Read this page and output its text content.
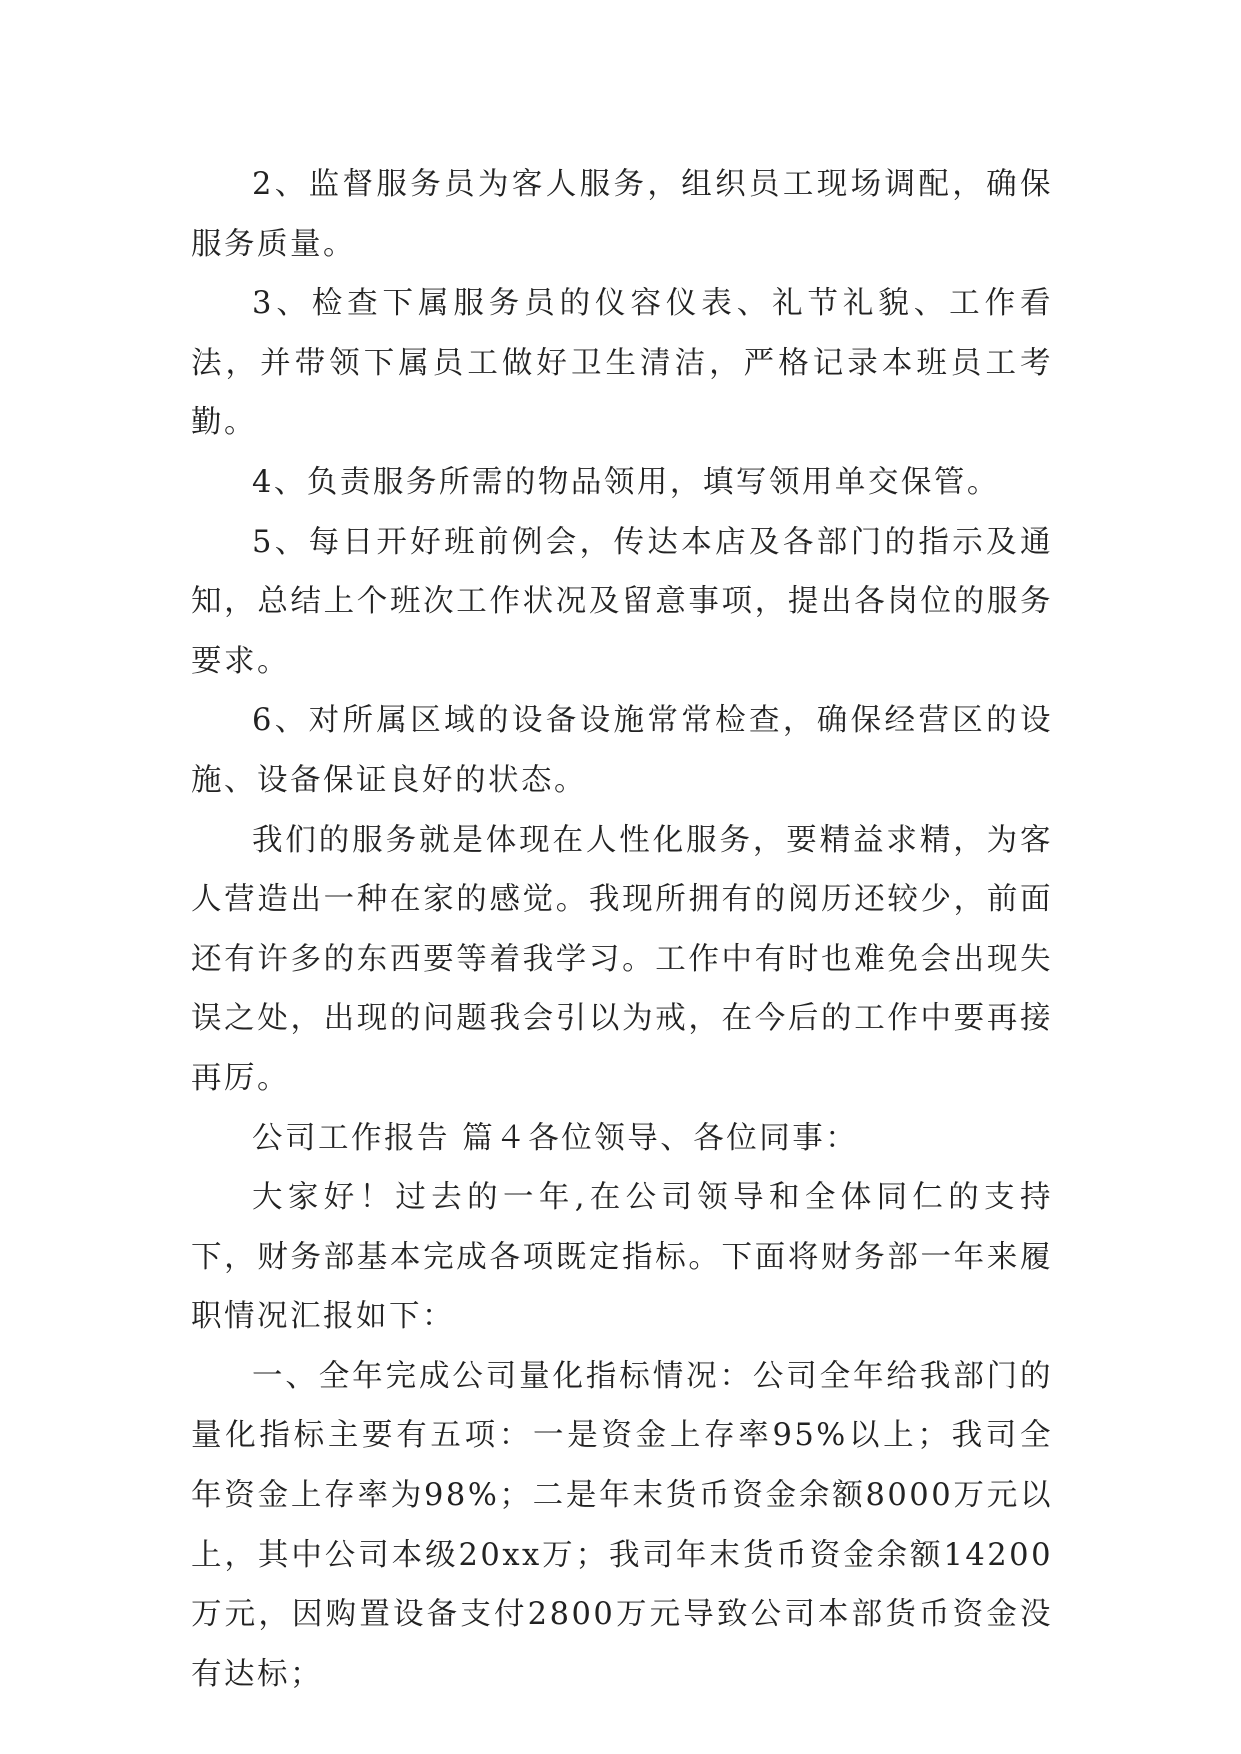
2、监督服务员为客人服务，组织员工现场调配，确保服务质量。

3、检查下属服务员的仪容仪表、礼节礼貌、工作看法，并带领下属员工做好卫生清洁，严格记录本班员工考勤。

4、负责服务所需的物品领用，填写领用单交保管。

5、每日开好班前例会，传达本店及各部门的指示及通知，总结上个班次工作状况及留意事项，提出各岗位的服务要求。

6、对所属区域的设备设施常常检查，确保经营区的设施、设备保证良好的状态。

我们的服务就是体现在人性化服务，要精益求精，为客人营造出一种在家的感觉。我现所拥有的阅历还较少，前面还有许多的东西要等着我学习。工作中有时也难免会出现失误之处，出现的问题我会引以为戒，在今后的工作中要再接再厉。

公司工作报告 篇４各位领导、各位同事：

大家好！过去的一年,在公司领导和全体同仁的支持下，财务部基本完成各项既定指标。下面将财务部一年来履职情况汇报如下：

一、全年完成公司量化指标情况：公司全年给我部门的量化指标主要有五项：一是资金上存率95%以上；我司全年资金上存率为98%；二是年末货币资金余额8000万元以上，其中公司本级20xx万；我司年末货币资金余额14200万元，因购置设备支付2800万元导致公司本部货币资金没有达标；
